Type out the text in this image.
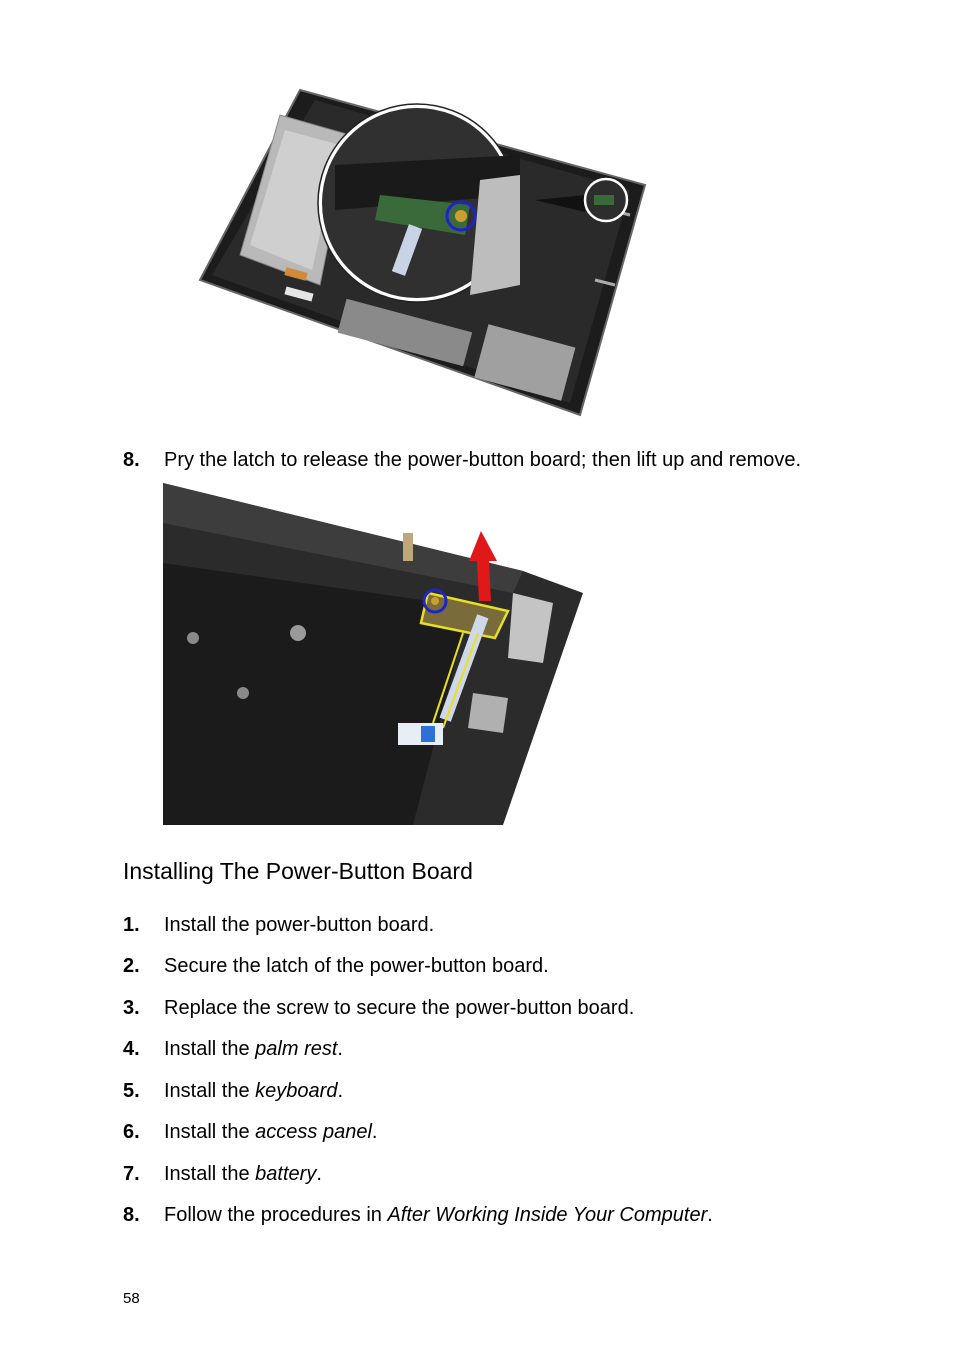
8. Pry the latch to release the power-button board; then lift up and remove.
Installing The Power-Button Board
1. Install the power-button board.
2. Secure the latch of the power-button board.
3. Replace the screw to secure the power-button board.
4. Install the palm rest.
5. Install the keyboard.
6. Install the access panel.
7. Install the battery.
8. Follow the procedures in After Working Inside Your Computer.
58
